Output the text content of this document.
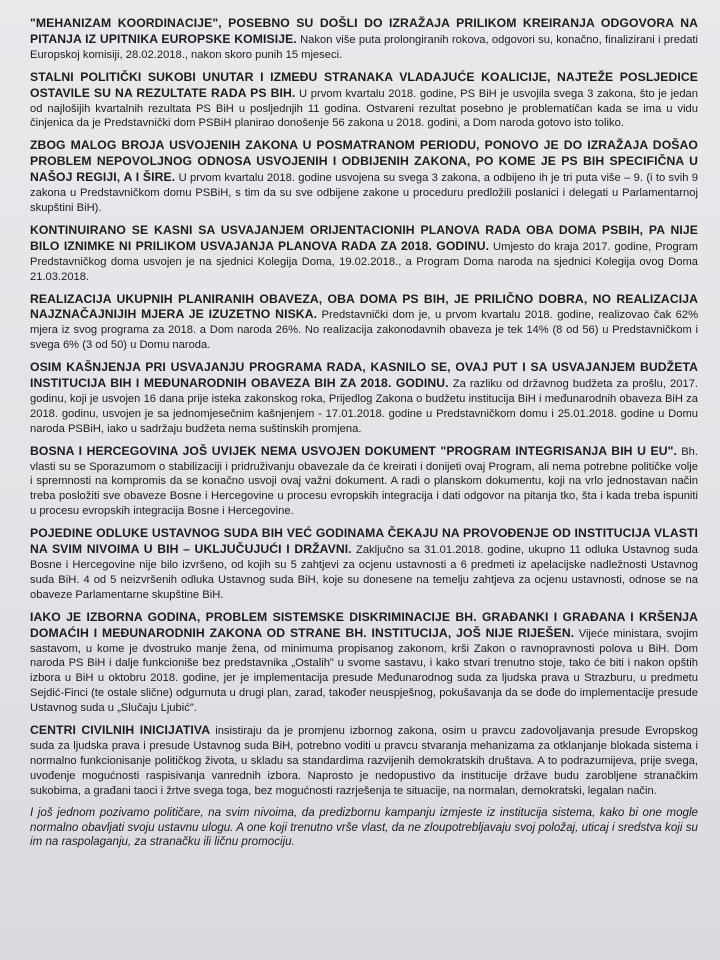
"MEHANIZAM KOORDINACIJE", POSEBNO SU DOŠLI DO IZRAŽAJA PRILIKOM KREIRANJA ODGOVORA NA PITANJA IZ UPITNIKA EUROPSKE KOMISIJE. Nakon više puta prolongiranih rokova, odgovori su, konačno, finalizirani i predati Europskoj komisiji, 28.02.2018., nakon skoro punih 15 mjeseci.

STALNI POLITIČKI SUKOBI UNUTAR I IZMEĐU STRANAKA VLADAJUĆE KOALICIJE, NAJTEŽE POSLJEDICE OSTAVILE SU NA REZULTATE RADA PS BIH. U prvom kvartalu 2018. godine, PS BiH je usvojila svega 3 zakona, što je jedan od najlošijih kvartalnih rezultata PS BiH u posljednjih 11 godina. Ostvareni rezultat posebno je problematičan kada se ima u vidu činjenica da je Predstavnički dom PSBiH planirao donošenje 56 zakona u 2018. godini, a Dom naroda gotovo isto toliko.

ZBOG MALOG BROJA USVOJENIH ZAKONA U POSMATRANOM PERIODU, PONOVO JE DO IZRAŽAJA DOŠAO PROBLEM NEPOVOLJNOG ODNOSA USVOJENIH I ODBIJENIH ZAKONA, PO KOME JE PS BIH SPECIFIČNA U NAŠOJ REGIJI, A I ŠIRE. U prvom kvartalu 2018. godine usvojena su svega 3 zakona, a odbijeno ih je tri puta više – 9. (i to svih 9 zakona u Predstavničkom domu PSBiH, s tim da su sve odbijene zakone u proceduru predložili poslanici i delegati u Parlamentarnoj skupštini BiH).

KONTINUIRANO SE KASNI SA USVAJANJEM ORIJENTACIONIH PLANOVA RADA OBA DOMA PSBIH, PA NIJE BILO IZNIMKE NI PRILIKOM USVAJANJA PLANOVA RADA ZA 2018. GODINU. Umjesto do kraja 2017. godine, Program Predstavničkog doma usvojen je na sjednici Kolegija Doma, 19.02.2018., a Program Doma naroda na sjednici Kolegija ovog Doma 21.03.2018.

REALIZACIJA UKUPNIH PLANIRANIH OBAVEZA, OBA DOMA PS BIH, JE PRILIČNO DOBRA, NO REALIZACIJA NAJZNAČAJNIJIH MJERA JE IZUZETNO NISKA. Predstavnički dom je, u prvom kvartalu 2018. godine, realizovao čak 62% mjera iz svog programa za 2018. a Dom naroda 26%. No realizacija zakonodavnih obaveza je tek 14% (8 od 56) u Predstavničkom i svega 6% (3 od 50) u Domu naroda.

OSIM KAŠNJENJA PRI USVAJANJU PROGRAMA RADA, KASNILO SE, OVAJ PUT I SA USVAJANJEM BUDŽETA INSTITUCIJA BIH I MEĐUNARODNIH OBAVEZA BIH ZA 2018. GODINU. Za razliku od državnog budžeta za prošlu, 2017. godinu, koji je usvojen 16 dana prije isteka zakonskog roka, Prijedlog Zakona o budžetu institucija BiH i međunarodnih obaveza BiH za 2018. godinu, usvojen je sa jednomjesečnim kašnjenjem - 17.01.2018. godine u Predstavničkom domu i 25.01.2018. godine u Domu naroda PSBiH, iako u sadržaju budžeta nema suštinskih promjena.

BOSNA I HERCEGOVINA JOŠ UVIJEK NEMA USVOJEN DOKUMENT "PROGRAM INTEGRISANJA BIH U EU". Bh. vlasti su se Sporazumom o stabilizaciji i pridruživanju obavezale da će kreirati i donijeti ovaj Program, ali nema potrebne političke volje i spremnosti na kompromis da se konačno usvoji ovaj važni dokument. A radi o planskom dokumentu, koji na vrlo jednostavan način treba posložiti sve obaveze Bosne i Hercegovine u procesu evropskih integracija i dati odgovor na pitanja tko, šta i kada treba ispuniti u procesu evropskih integracija Bosne i Hercegovine.

POJEDINE ODLUKE USTAVNOG SUDA BIH VEĆ GODINAMA ČEKAJU NA PROVOĐENJE OD INSTITUCIJA VLASTI NA SVIM NIVOIMA U BIH – UKLJUČUJUĆI I DRŽAVNI. Zaključno sa 31.01.2018. godine, ukupno 11 odluka Ustavnog suda Bosne i Hercegovine nije bilo izvršeno, od kojih su 5 zahtjevi za ocjenu ustavnosti a 6 predmeti iz apelacijske nadležnosti Ustavnog suda BiH. 4 od 5 neizvršenih odluka Ustavnog suda BiH, koje su donesene na temelju zahtjeva za ocjenu ustavnosti, odnose se na obaveze Parlamentarne skupštine BiH.

IAKO JE IZBORNA GODINA, PROBLEM SISTEMSKE DISKRIMINACIJE BH. GRAĐANKI I GRAĐANA I KRŠENJA DOMAĆIH I MEĐUNARODNIH ZAKONA OD STRANE BH. INSTITUCIJA, JOŠ NIJE RIJEŠEN. Vijeće ministara, svojim sastavom, u kome je dvostruko manje žena, od minimuma propisanog zakonom, krši Zakon o ravnopravnosti polova u BiH. Dom naroda PS BiH i dalje funkcioniše bez predstavnika „Ostalih" u svome sastavu, i kako stvari trenutno stoje, tako će biti i nakon opštih izbora u BiH u oktobru 2018. godine, jer je implementacija presude Međunarodnog suda za ljudska prava u Strazburu, u predmetu Sejdić-Finci (te ostale slične) odgurnuta u drugi plan, zarad, također neuspješnog, pokušavanja da se dođe do implementacije presude Ustavnog suda u „Slučaju Ljubić".

CENTRI CIVILNIH INICIJATIVA insistiraju da je promjenu izbornog zakona, osim u pravcu zadovoljavanja presude Evropskog suda za ljudska prava i presude Ustavnog suda BiH, potrebno voditi u pravcu stvaranja mehanizama za otklanjanje blokada sistema i normalno funkcionisanje političkog života, u skladu sa standardima razvijenih demokratskih društava. A to podrazumijeva, prije svega, uvođenje mogućnosti raspisivanja vanrednih izbora. Naprosto je nedopustivo da institucije države budu zarobljene stranačkim sukobima, a građani taoci i žrtve svega toga, bez mogućnosti razrješenja te situacije, na normalan, demokratski, legalan način.

I još jednom pozivamo političare, na svim nivoima, da predizbornu kampanju izmjeste iz institucija sistema, kako bi one mogle normalno obavljati svoju ustavnu ulogu. A one koji trenutno vrše vlast, da ne zloupotrebljavaju svoj položaj, uticaj i sredstva koji su im na raspolaganju, za stranačku ili ličnu promociju.
